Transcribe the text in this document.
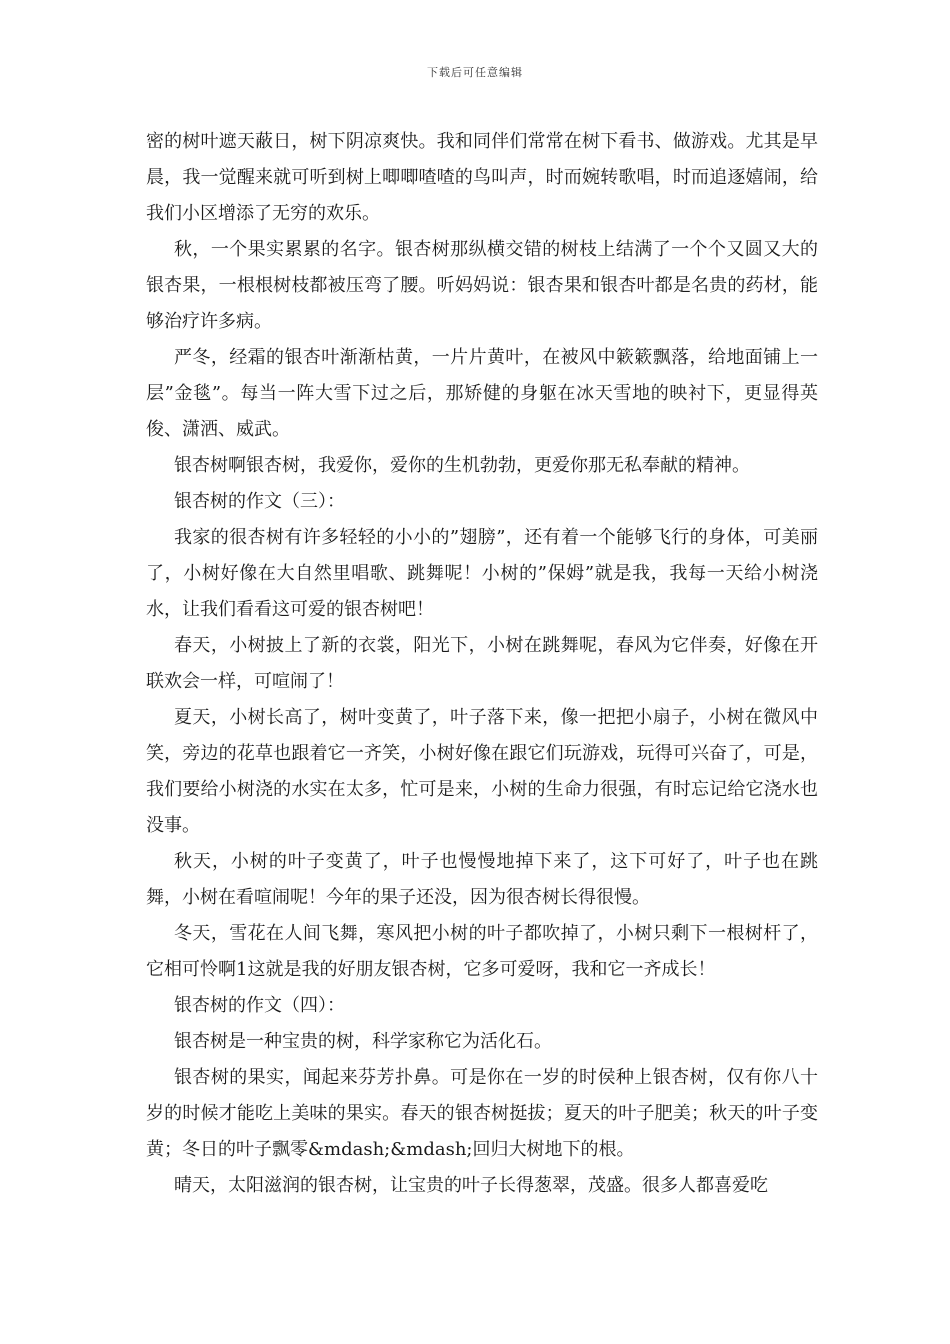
下载后可任意编辑

密的树叶遮天蔽日，树下阴凉爽快。我和同伴们常常在树下看书、做游戏。尤其是早晨，我一觉醒来就可听到树上唧唧喳喳的鸟叫声，时而婉转歌唱，时而追逐嬉闹，给我们小区增添了无穷的欢乐。

秋，一个果实累累的名字。银杏树那纵横交错的树枝上结满了一个个又圆又大的银杏果，一根根树枝都被压弯了腰。听妈妈说：银杏果和银杏叶都是名贵的药材，能够治疗许多病。

严冬，经霜的银杏叶渐渐枯黄，一片片黄叶，在被风中簌簌飘落，给地面铺上一层”金毯”。每当一阵大雪下过之后，那矫健的身躯在冰天雪地的映衬下，更显得英俊、潇洒、威武。

银杏树啊银杏树，我爱你，爱你的生机勃勃，更爱你那无私奉献的精神。

银杏树的作文（三）：

我家的很杏树有许多轻轻的小小的”翅膀”，还有着一个能够飞行的身体，可美丽了，小树好像在大自然里唱歌、跳舞呢！小树的”保姆”就是我，我每一天给小树浇水，让我们看看这可爱的银杏树吧！

春天，小树披上了新的衣裳，阳光下，小树在跳舞呢，春风为它伴奏，好像在开联欢会一样，可喧闹了！

夏天，小树长高了，树叶变黄了，叶子落下来，像一把把小扇子，小树在微风中笑，旁边的花草也跟着它一齐笑，小树好像在跟它们玩游戏，玩得可兴奋了，可是，我们要给小树浇的水实在太多，忙可是来，小树的生命力很强，有时忘记给它浇水也没事。

秋天，小树的叶子变黄了，叶子也慢慢地掉下来了，这下可好了，叶子也在跳舞，小树在看喧闹呢！今年的果子还没，因为很杏树长得很慢。

冬天，雪花在人间飞舞，寒风把小树的叶子都吹掉了，小树只剩下一根树杆了，它相可怜啊1这就是我的好朋友银杏树，它多可爱呀，我和它一齐成长！

银杏树的作文（四）：

银杏树是一种宝贵的树，科学家称它为活化石。

银杏树的果实，闻起来芬芳扑鼻。可是你在一岁的时侯种上银杏树，仅有你八十岁的时候才能吃上美味的果实。春天的银杏树挺拔；夏天的叶子肥美；秋天的叶子变黄；冬日的叶子飘零&mdash;&mdash;回归大树地下的根。

晴天，太阳滋润的银杏树，让宝贵的叶子长得葱翠，茂盛。很多人都喜爱吃
